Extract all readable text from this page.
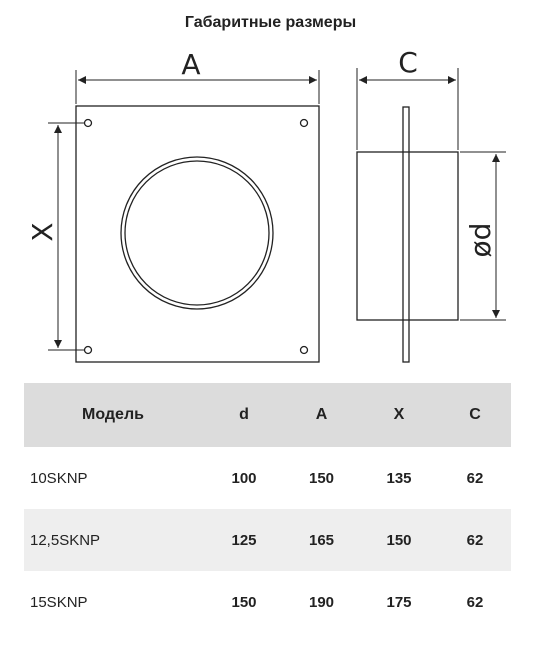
Габаритные размеры
A	C
X	ød
Модель	d	A	X	C
10SKNP	100	150	135	62
12,5SKNP	125	165	150	62
15SKNP	150	190	175	62
